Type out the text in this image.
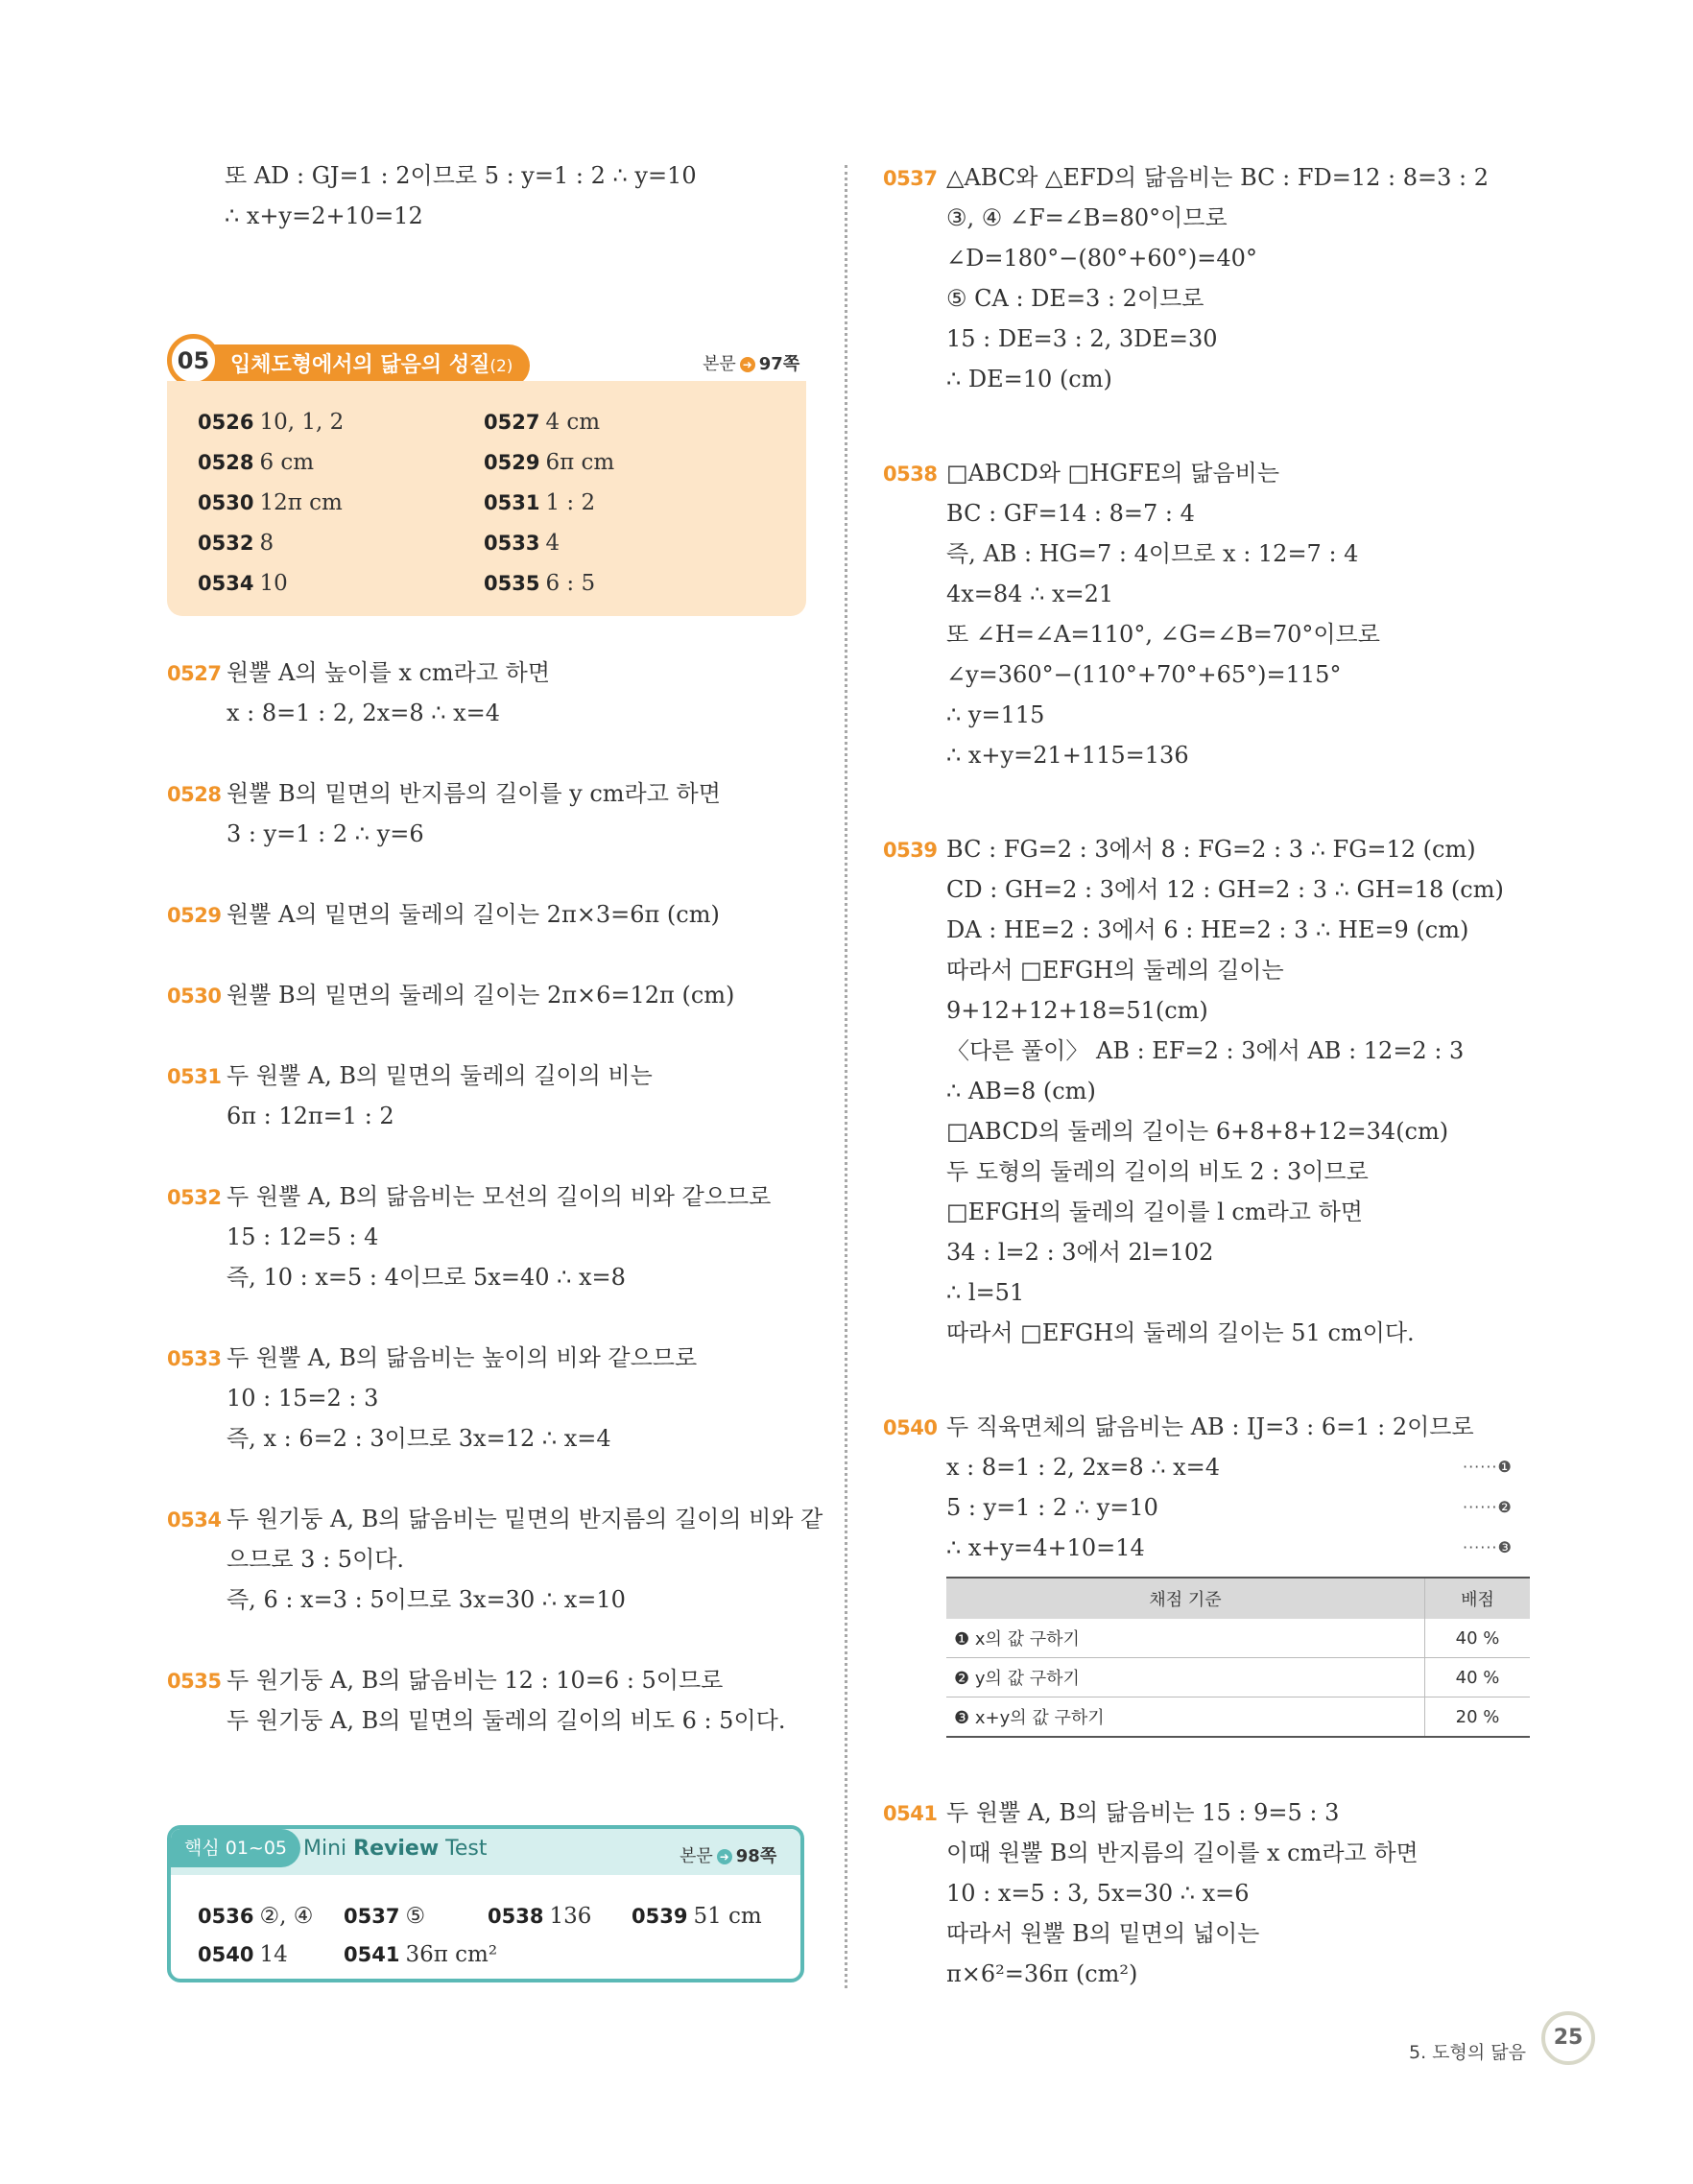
또 AD : GJ=1 : 2이므로 5 : y=1 : 2 ∴ y=10
∴ x+y=2+10=12
입체도형에서의 닮음의 성질(2)
05	본문 ➜ 97쪽
0526 10, 1, 2	0527 4 cm
0528 6 cm	0529 6π cm
0530 12π cm	0531 1 : 2
0532 8	0533 4
0534 10	0535 6 : 5
0527 원뿔 A의 높이를 x cm라고 하면
x : 8=1 : 2, 2x=8 ∴ x=4
0528 원뿔 B의 밑면의 반지름의 길이를 y cm라고 하면
3 : y=1 : 2 ∴ y=6
0529 원뿔 A의 밑면의 둘레의 길이는 2π×3=6π (cm)
0530 원뿔 B의 밑면의 둘레의 길이는 2π×6=12π (cm)
0531 두 원뿔 A, B의 밑면의 둘레의 길이의 비는
6π : 12π=1 : 2
0532 두 원뿔 A, B의 닮음비는 모선의 길이의 비와 같으므로
15 : 12=5 : 4
즉, 10 : x=5 : 4이므로 5x=40 ∴ x=8
0533 두 원뿔 A, B의 닮음비는 높이의 비와 같으므로
10 : 15=2 : 3
즉, x : 6=2 : 3이므로 3x=12 ∴ x=4
0534 두 원기둥 A, B의 닮음비는 밑면의 반지름의 길이의 비와 같
으므로 3 : 5이다.
즉, 6 : x=3 : 5이므로 3x=30 ∴ x=10
0535 두 원기둥 A, B의 닮음비는 12 : 10=6 : 5이므로
두 원기둥 A, B의 밑면의 둘레의 길이의 비도 6 : 5이다.
핵심 01~05 Mini Review Test	본문 ➜ 98쪽
0536 ②, ④ 0537 ⑤	0538 136 0539 51 cm
0540 14	0541 36π cm²
0537 △ABC와 △EFD의 닮음비는 BC : FD=12 : 8=3 : 2
③, ④ ∠F=∠B=80°이므로
∠D=180°−(80°+60°)=40°
⑤ CA : DE=3 : 2이므로
15 : DE=3 : 2, 3DE=30
∴ DE=10 (cm)
0538 □ABCD와 □HGFE의 닮음비는
BC : GF=14 : 8=7 : 4
즉, AB : HG=7 : 4이므로 x : 12=7 : 4
4x=84 ∴ x=21
또 ∠H=∠A=110°, ∠G=∠B=70°이므로
∠y=360°−(110°+70°+65°)=115°
∴ y=115
∴ x+y=21+115=136
0539 BC : FG=2 : 3에서 8 : FG=2 : 3 ∴ FG=12 (cm)
CD : GH=2 : 3에서 12 : GH=2 : 3 ∴ GH=18 (cm)
DA : HE=2 : 3에서 6 : HE=2 : 3 ∴ HE=9 (cm)
따라서 □EFGH의 둘레의 길이는
9+12+12+18=51(cm)
〈다른 풀이〉 AB : EF=2 : 3에서 AB : 12=2 : 3
∴ AB=8 (cm)
□ABCD의 둘레의 길이는 6+8+8+12=34(cm)
두 도형의 둘레의 길이의 비도 2 : 3이므로
□EFGH의 둘레의 길이를 l cm라고 하면
34 : l=2 : 3에서 2l=102
∴ l=51
따라서 □EFGH의 둘레의 길이는 51 cm이다.
0540 두 직육면체의 닮음비는 AB : IJ=3 : 6=1 : 2이므로
x : 8=1 : 2, 2x=8 ∴ x=4
5 : y=1 : 2 ∴ y=10
∴ x+y=4+10=14
······❶
······❷
······❸
0541 두 원뿔 A, B의 닮음비는 15 : 9=5 : 3
이때 원뿔 B의 반지름의 길이를 x cm라고 하면
10 : x=5 : 3, 5x=30 ∴ x=6
따라서 원뿔 B의 밑면의 넓이는
π×6²=36π (cm²)
채점 기준	배점
❶ x의 값 구하기	40 %
❷ y의 값 구하기	40 %
❸ x+y의 값 구하기	20 %
5. 도형의 닮음
25
